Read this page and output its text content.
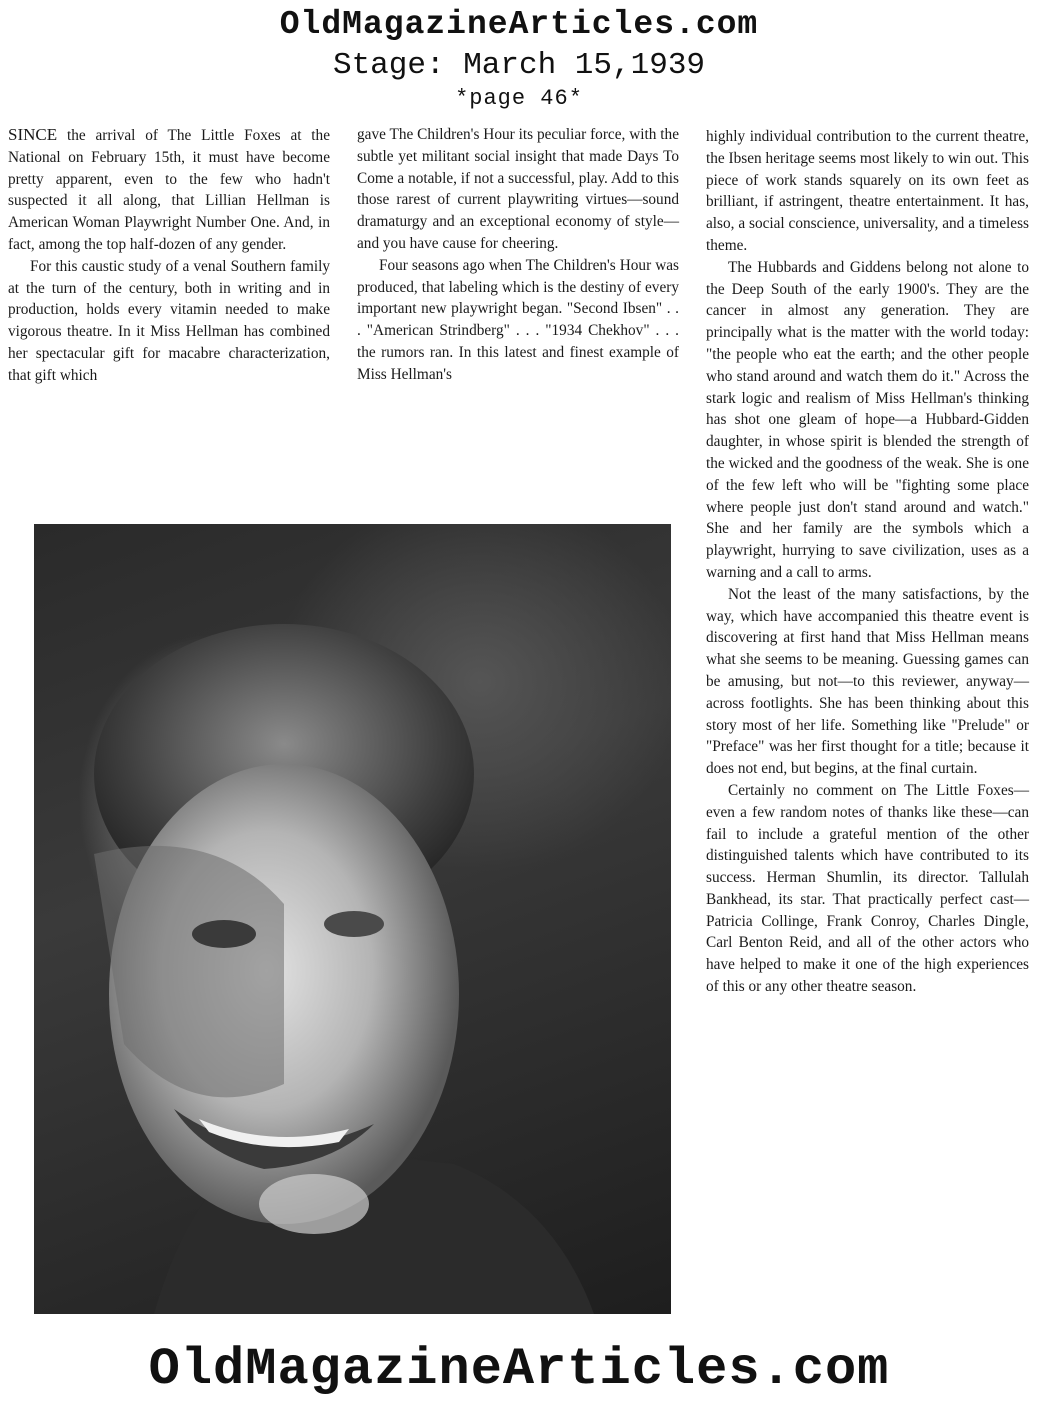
OldMagazineArticles.com
Stage: March 15,1939
*page 46*

SINCE the arrival of The Little Foxes at the National on February 15th, it must have become pretty apparent, even to the few who hadn't suspected it all along, that Lillian Hellman is American Woman Playwright Number One. And, in fact, among the top half-dozen of any gender.

For this caustic study of a venal Southern family at the turn of the century, both in writing and in production, holds every vitamin needed to make vigorous theatre. In it Miss Hellman has combined her spectacular gift for macabre characterization, that gift which

gave The Children's Hour its peculiar force, with the subtle yet militant social insight that made Days To Come a notable, if not a successful, play. Add to this those rarest of current playwriting virtues—sound dramaturgy and an exceptional economy of style—and you have cause for cheering.

Four seasons ago when The Children's Hour was produced, that labeling which is the destiny of every important new playwright began. "Second Ibsen" . . . "American Strindberg" . . . "1934 Chekhov" . . . the rumors ran. In this latest and finest example of Miss Hellman's

highly individual contribution to the current theatre, the Ibsen heritage seems most likely to win out. This piece of work stands squarely on its own feet as brilliant, if astringent, theatre entertainment. It has, also, a social conscience, universality, and a timeless theme.

The Hubbards and Giddens belong not alone to the Deep South of the early 1900's. They are the cancer in almost any generation. They are principally what is the matter with the world today: "the people who eat the earth; and the other people who stand around and watch them do it." Across the stark logic and realism of Miss Hellman's thinking has shot one gleam of hope—a Hubbard-Gidden daughter, in whose spirit is blended the strength of the wicked and the goodness of the weak. She is one of the few left who will be "fighting some place where people just don't stand around and watch." She and her family are the symbols which a playwright, hurrying to save civilization, uses as a warning and a call to arms.

Not the least of the many satisfactions, by the way, which have accompanied this theatre event is discovering at first hand that Miss Hellman means what she seems to be meaning. Guessing games can be amusing, but not—to this reviewer, anyway—across footlights. She has been thinking about this story most of her life. Something like "Prelude" or "Preface" was her first thought for a title; because it does not end, but begins, at the final curtain.

Certainly no comment on The Little Foxes—even a few random notes of thanks like these—can fail to include a grateful mention of the other distinguished talents which have contributed to its success. Herman Shumlin, its director. Tallulah Bankhead, its star. That practically perfect cast—Patricia Collinge, Frank Conroy, Charles Dingle, Carl Benton Reid, and all of the other actors who have helped to make it one of the high experiences of this or any other theatre season.

OldMagazineArticles.com
